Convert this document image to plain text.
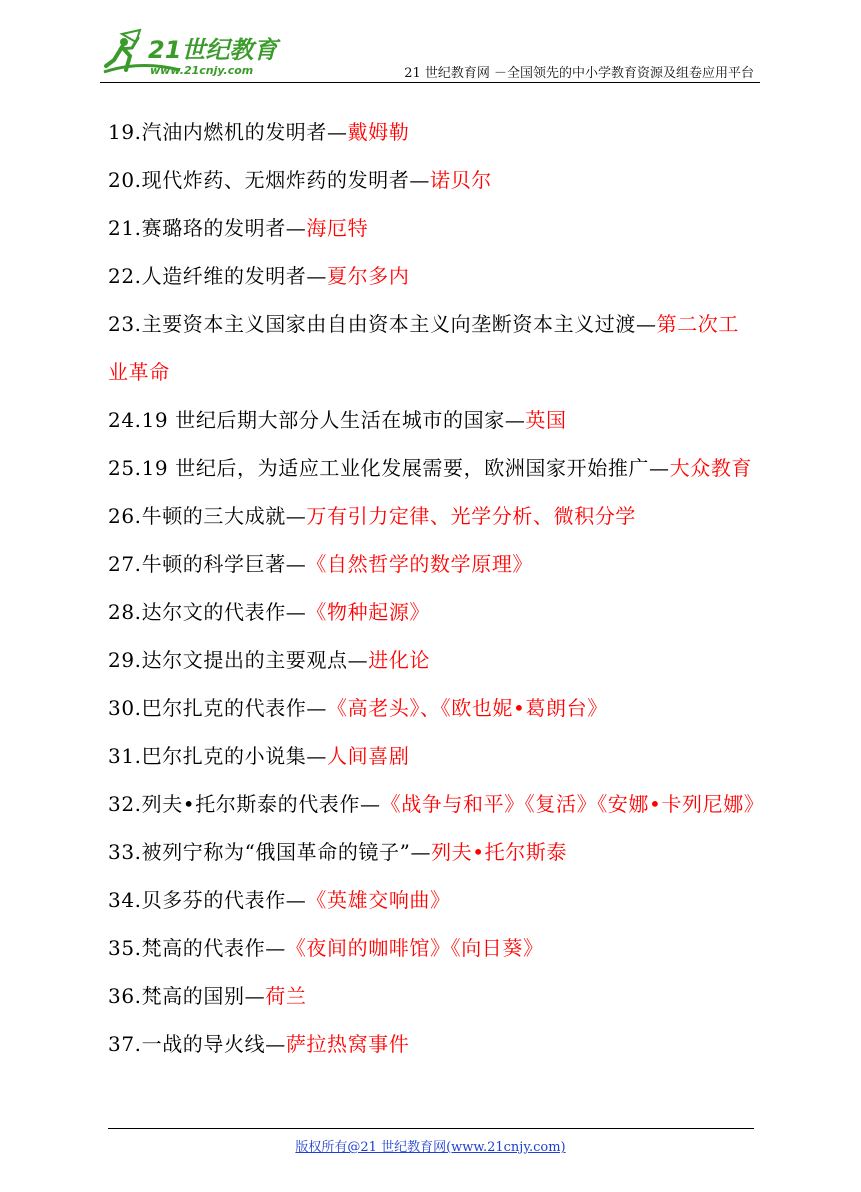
21世纪教育
www.21cnjy.com	21 世纪教育网 －全国领先的中小学教育资源及组卷应用平台
19.汽油内燃机的发明者—戴姆勒
20.现代炸药、无烟炸药的发明者—诺贝尔
21.赛璐珞的发明者—海厄特
22.人造纤维的发明者—夏尔多内
23.主要资本主义国家由自由资本主义向垄断资本主义过渡—第二次工业革命
24.19 世纪后期大部分人生活在城市的国家—英国
25.19 世纪后，为适应工业化发展需要，欧洲国家开始推广—大众教育
26.牛顿的三大成就—万有引力定律、光学分析、微积分学
27.牛顿的科学巨著—《自然哲学的数学原理》
28.达尔文的代表作—《物种起源》
29.达尔文提出的主要观点—进化论
30.巴尔扎克的代表作—《高老头》、《欧也妮•葛朗台》
31.巴尔扎克的小说集—人间喜剧
32.列夫•托尔斯泰的代表作—《战争与和平》《复活》《安娜•卡列尼娜》
33.被列宁称为“俄国革命的镜子”—列夫•托尔斯泰
34.贝多芬的代表作—《英雄交响曲》
35.梵高的代表作—《夜间的咖啡馆》《向日葵》
36.梵高的国别—荷兰
37.一战的导火线—萨拉热窝事件
版权所有@21 世纪教育网(www.21cnjy.com)
